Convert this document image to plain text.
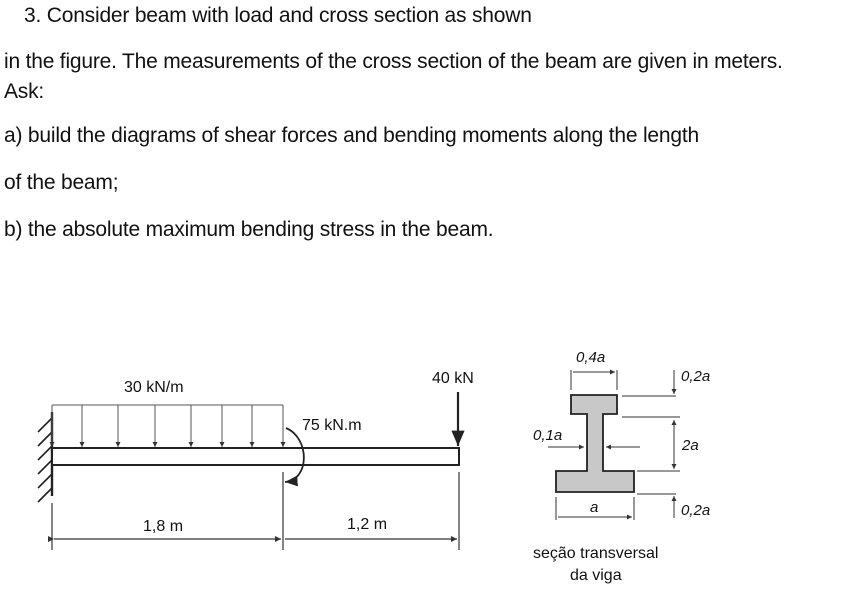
3. Consider beam with load and cross section as shown
in the figure. The measurements of the cross section of the beam are given in meters.
Ask:
a) build the diagrams of shear forces and bending moments along the length
of the beam;
b) the absolute maximum bending stress in the beam.
30 kN/m
75 kN.m
40 kN
1,8 m	1,2 m
0,4a
0,1a
a
0,2a
2a
0,2a
seção transversal
da viga
